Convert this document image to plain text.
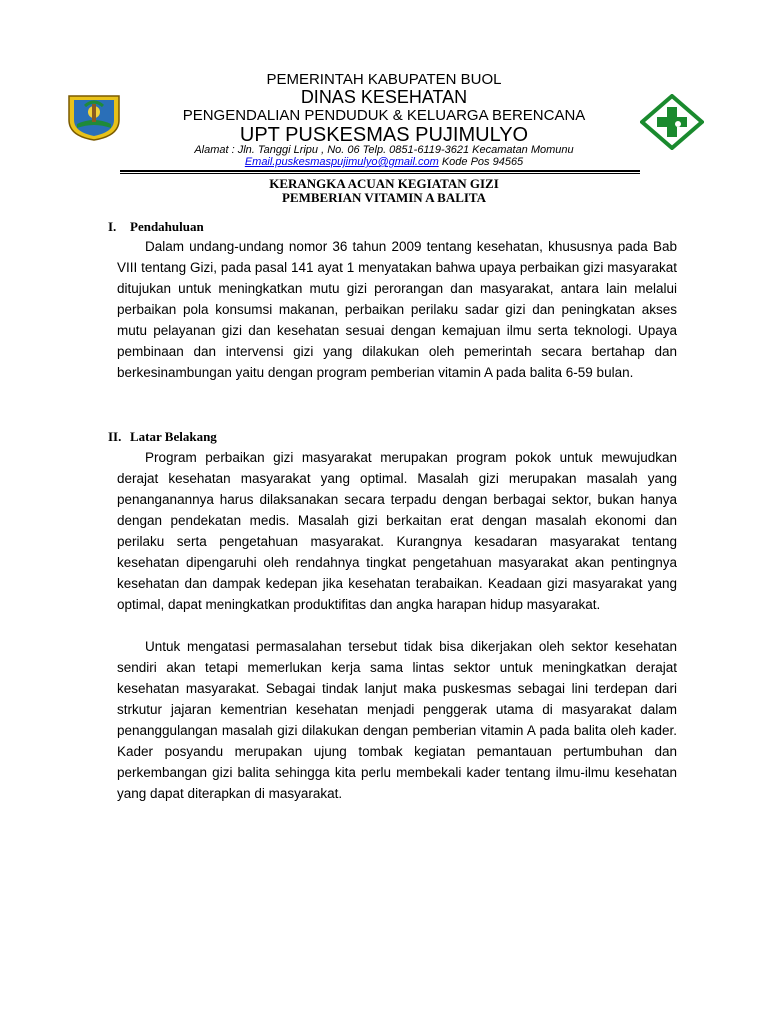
PEMERINTAH KABUPATEN BUOL
DINAS KESEHATAN
PENGENDALIAN PENDUDUK & KELUARGA BERENCANA
UPT PUSKESMAS PUJIMULYO
Alamat : Jln. Tanggi Lripu , No. 06 Telp. 0851-6119-3621 Kecamatan Momunu
Email.puskesmaspujimulyo@gmail.com Kode Pos 94565
KERANGKA ACUAN KEGIATAN GIZI
PEMBERIAN VITAMIN A BALITA
I. Pendahuluan
Dalam undang-undang nomor 36 tahun 2009 tentang kesehatan, khususnya pada Bab VIII tentang Gizi, pada pasal 141 ayat 1 menyatakan bahwa upaya perbaikan gizi masyarakat ditujukan untuk meningkatkan mutu gizi perorangan dan masyarakat, antara lain melalui perbaikan pola konsumsi makanan, perbaikan perilaku sadar gizi dan peningkatan akses mutu pelayanan gizi dan kesehatan sesuai dengan kemajuan ilmu serta teknologi. Upaya pembinaan dan intervensi gizi yang dilakukan oleh pemerintah secara bertahap dan berkesinambungan yaitu dengan program pemberian vitamin A pada balita 6-59 bulan.
II. Latar Belakang
Program perbaikan gizi masyarakat merupakan program pokok untuk mewujudkan derajat kesehatan masyarakat yang optimal. Masalah gizi merupakan masalah yang penanganannya harus dilaksanakan secara terpadu dengan berbagai sektor, bukan hanya dengan pendekatan medis. Masalah gizi berkaitan erat dengan masalah ekonomi dan perilaku serta pengetahuan masyarakat. Kurangnya kesadaran masyarakat tentang kesehatan dipengaruhi oleh rendahnya tingkat pengetahuan masyarakat akan pentingnya kesehatan dan dampak kedepan jika kesehatan terabaikan. Keadaan gizi masyarakat yang optimal, dapat meningkatkan produktifitas dan angka harapan hidup masyarakat.
Untuk mengatasi permasalahan tersebut tidak bisa dikerjakan oleh sektor kesehatan sendiri akan tetapi memerlukan kerja sama lintas sektor untuk meningkatkan derajat kesehatan masyarakat. Sebagai tindak lanjut maka puskesmas sebagai lini terdepan dari strkutur jajaran kementrian kesehatan menjadi penggerak utama di masyarakat dalam penanggulangan masalah gizi dilakukan dengan pemberian vitamin A pada balita oleh kader. Kader posyandu merupakan ujung tombak kegiatan pemantauan pertumbuhan dan perkembangan gizi balita sehingga kita perlu membekali kader tentang ilmu-ilmu kesehatan yang dapat diterapkan di masyarakat.
